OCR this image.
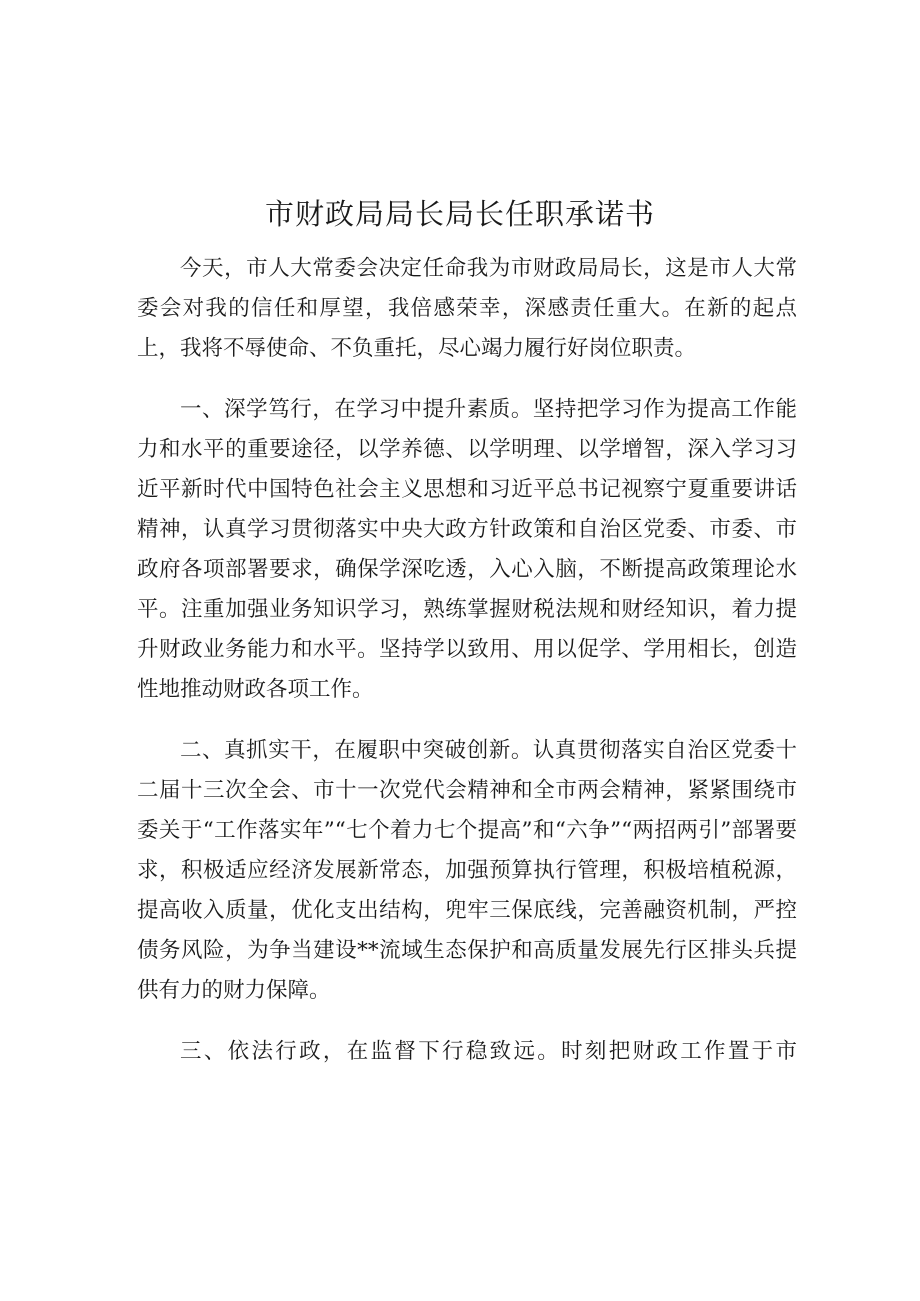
市财政局局长局长任职承诺书

今天，市人大常委会决定任命我为市财政局局长，这是市人大常委会对我的信任和厚望，我倍感荣幸，深感责任重大。在新的起点上，我将不辱使命、不负重托，尽心竭力履行好岗位职责。

一、深学笃行，在学习中提升素质。坚持把学习作为提高工作能力和水平的重要途径，以学养德、以学明理、以学增智，深入学习习近平新时代中国特色社会主义思想和习近平总书记视察宁夏重要讲话精神，认真学习贯彻落实中央大政方针政策和自治区党委、市委、市政府各项部署要求，确保学深吃透，入心入脑，不断提高政策理论水平。注重加强业务知识学习，熟练掌握财税法规和财经知识，着力提升财政业务能力和水平。坚持学以致用、用以促学、学用相长，创造性地推动财政各项工作。

二、真抓实干，在履职中突破创新。认真贯彻落实自治区党委十二届十三次全会、市十一次党代会精神和全市两会精神，紧紧围绕市委关于“工作落实年”“七个着力七个提高”和“六争”“两招两引”部署要求，积极适应经济发展新常态，加强预算执行管理，积极培植税源，提高收入质量，优化支出结构，兜牢三保底线，完善融资机制，严控债务风险，为争当建设**流域生态保护和高质量发展先行区排头兵提供有力的财力保障。

三、依法行政，在监督下行稳致远。时刻把财政工作置于市
